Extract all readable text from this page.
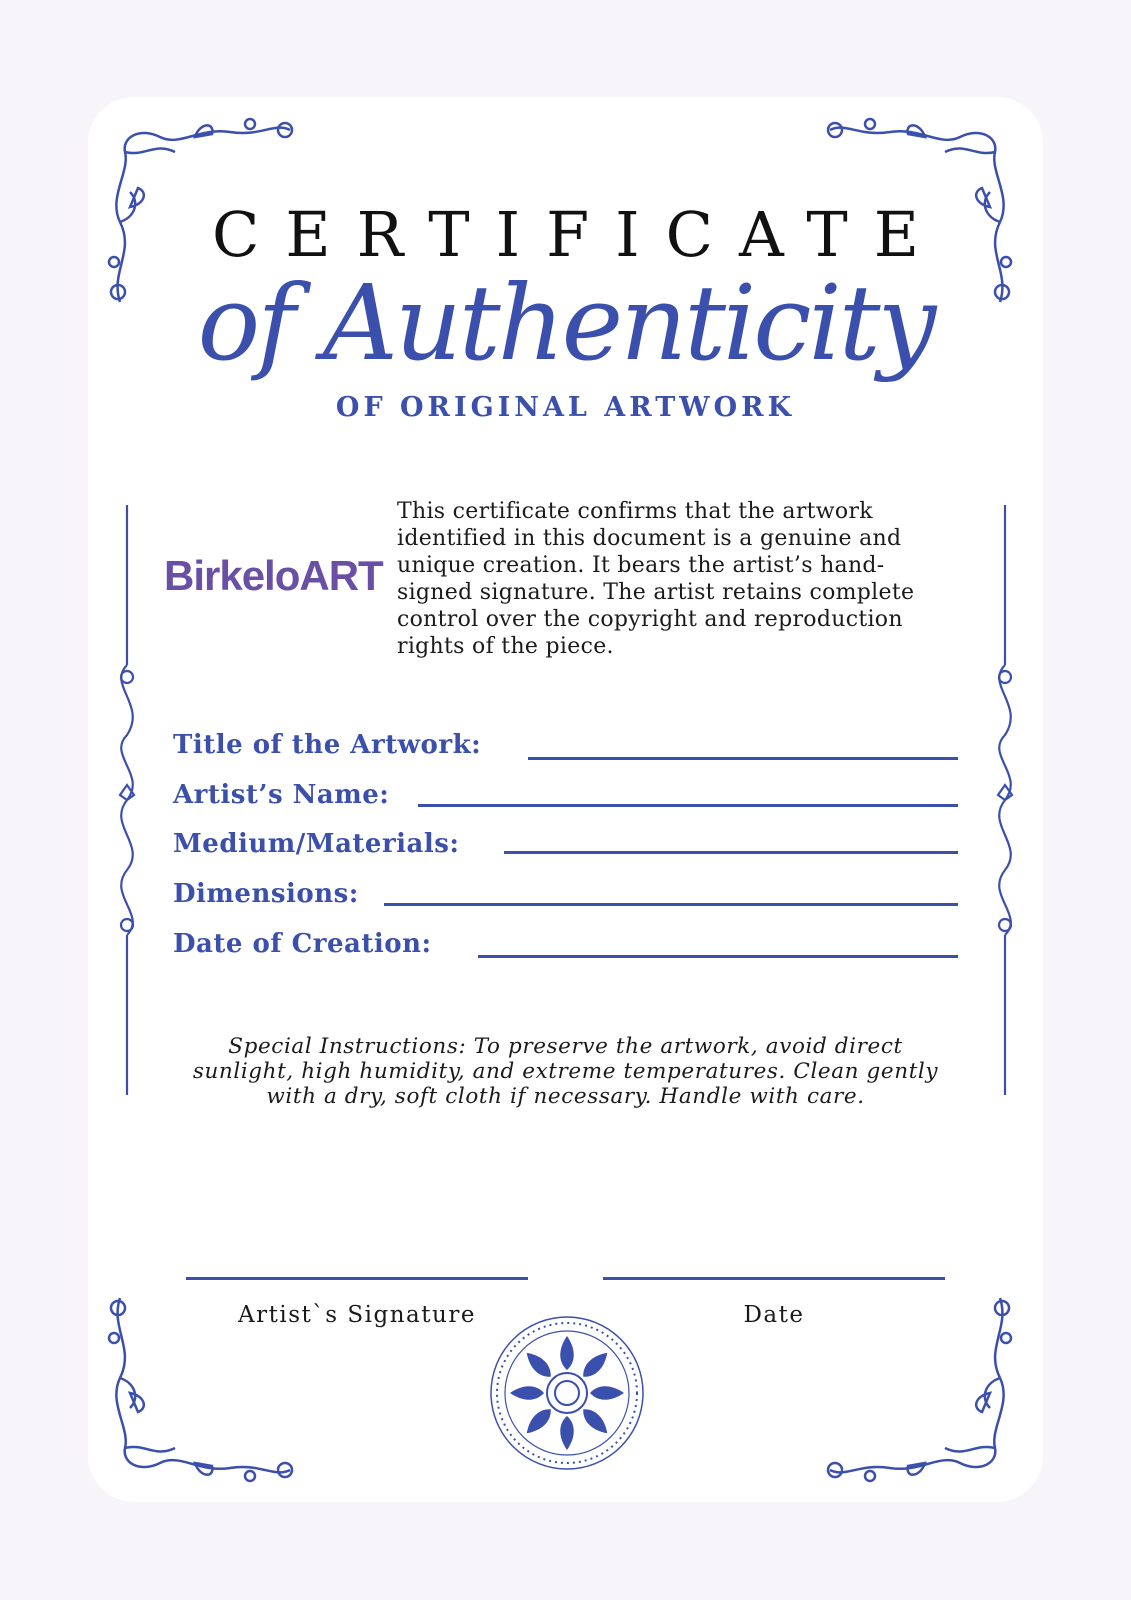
CERTIFICATE
of Authenticity
OF ORIGINAL ARTWORK
BirkeloART
This certificate confirms that the artwork identified in this document is a genuine and unique creation. It bears the artist’s hand-signed signature. The artist retains complete control over the copyright and reproduction rights of the piece.
Title of the Artwork:
Artist’s Name:
Medium/Materials:
Dimensions:
Date of Creation:
Special Instructions: To preserve the artwork, avoid direct sunlight, high humidity, and extreme temperatures. Clean gently with a dry, soft cloth if necessary. Handle with care.
Artist`s Signature	Date
